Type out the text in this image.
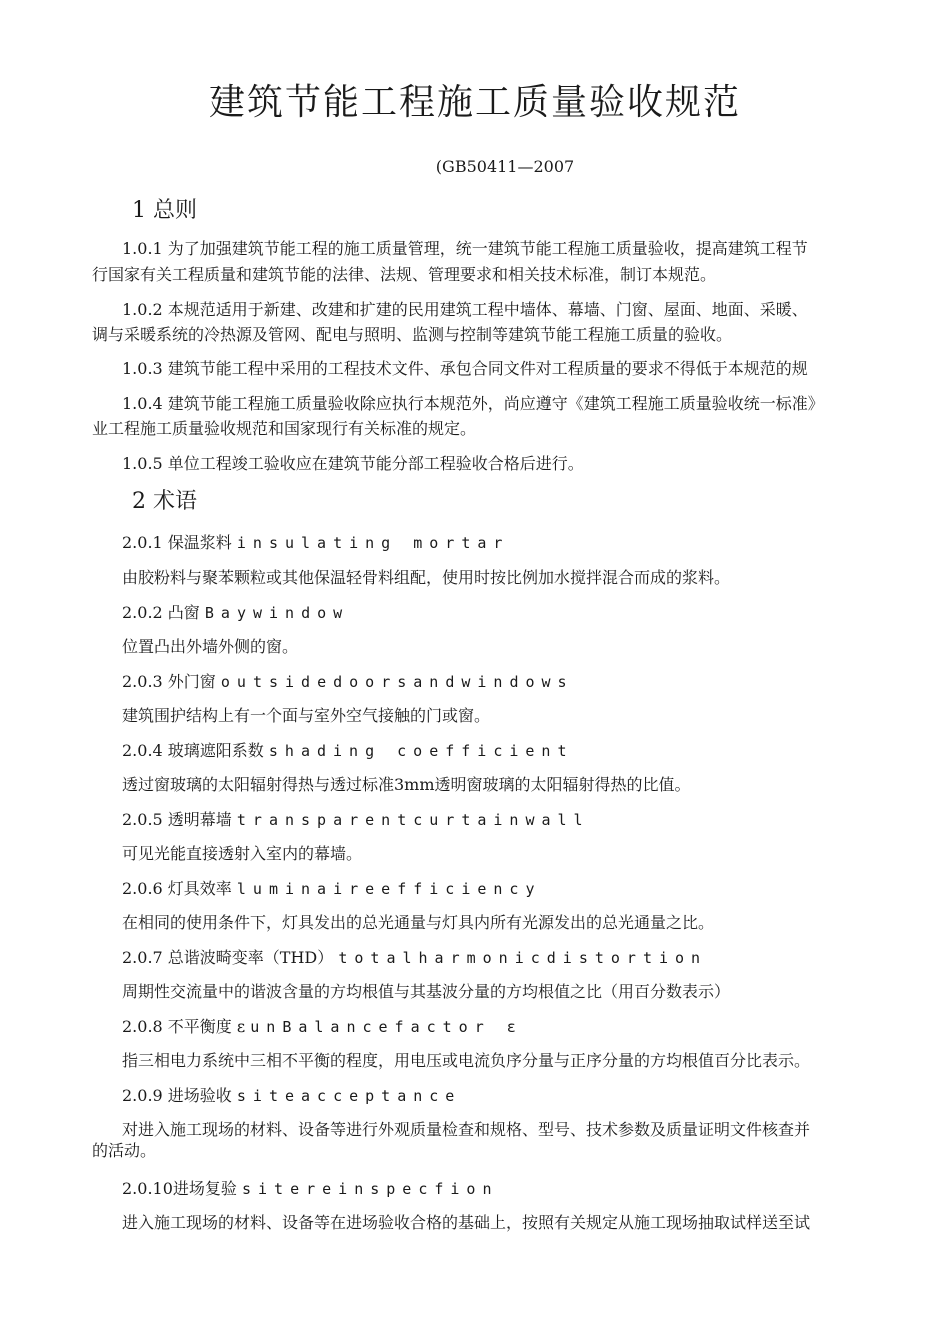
建筑节能工程施工质量验收规范
(GB50411—2007
1 总则
1.0.1 为了加强建筑节能工程的施工质量管理，统一建筑节能工程施工质量验收，提高建筑工程节
行国家有关工程质量和建筑节能的法律、法规、管理要求和相关技术标准，制订本规范。
1.0.2 本规范适用于新建、改建和扩建的民用建筑工程中墙体、幕墙、门窗、屋面、地面、采暖、
调与采暖系统的冷热源及管网、配电与照明、监测与控制等建筑节能工程施工质量的验收。
1.0.3 建筑节能工程中采用的工程技术文件、承包合同文件对工程质量的要求不得低于本规范的规
1.0.4 建筑节能工程施工质量验收除应执行本规范外，尚应遵守《建筑工程施工质量验收统一标准》
业工程施工质量验收规范和国家现行有关标准的规定。
1.0.5 单位工程竣工验收应在建筑节能分部工程验收合格后进行。
2 术语
2.0.1 保温浆料 insulating mortar
由胶粉料与聚苯颗粒或其他保温轻骨料组配，使用时按比例加水搅拌混合而成的浆料。
2.0.2 凸窗 Baywindow
位置凸出外墙外侧的窗。
2.0.3 外门窗 outsidedoorsandwindows
建筑围护结构上有一个面与室外空气接触的门或窗。
2.0.4 玻璃遮阳系数 shading coefficient
透过窗玻璃的太阳辐射得热与透过标准3mm透明窗玻璃的太阳辐射得热的比值。
2.0.5 透明幕墙 transparentcurtainwall
可见光能直接透射入室内的幕墙。
2.0.6 灯具效率 luminaireefficiency
在相同的使用条件下，灯具发出的总光通量与灯具内所有光源发出的总光通量之比。
2.0.7 总谐波畸变率（THD） totalharmonicdistortion
周期性交流量中的谐波含量的方均根值与其基波分量的方均根值之比（用百分数表示）
2.0.8 不平衡度 ε unBalancefactor ε
指三相电力系统中三相不平衡的程度，用电压或电流负序分量与正序分量的方均根值百分比表示。
2.0.9 进场验收 siteacceptance
对进入施工现场的材料、设备等进行外观质量检查和规格、型号、技术参数及质量证明文件核查并
的活动。
2.0.10进场复验 sitereinspecfion
进入施工现场的材料、设备等在进场验收合格的基础上，按照有关规定从施工现场抽取试样送至试
